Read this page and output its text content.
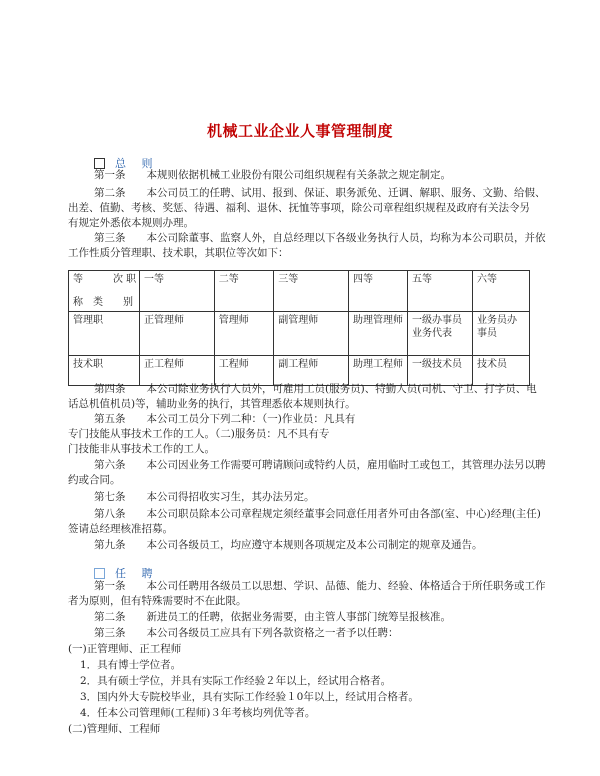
机械工业企业人事管理制度
总 则
第一条　　本规则依据机械工业股份有限公司组织规程有关条款之规定制定。
第二条　　本公司员工的任聘、试用、报到、保证、职务派免、迁调、解职、服务、文勤、给假、
出差、值勤、考核、奖惩、待遇、福利、退休、抚恤等事项，除公司章程组织规程及政府有关法令另
有规定外悉依本规则办理。
第三条　　本公司除董事、监察人外，自总经理以下各级业务执行人员，均称为本公司职员，并依
工作性质分管理职、技术职，其职位等次如下：
等　　　次 职
称　类　　别	一等	二等	三等	四等	五等	六等
管理职	正管理师	管理师	副管理师	助理管理师	一级办事员 业务代表	业务员办事员
技术职	正工程师	工程师	副工程师	助理工程师	一级技术员	技术员
第四条　　本公司除业务执行人员外，可雇用工员(服务员)、特勤人员(司机、守卫、打字员、电
话总机值机员)等，辅助业务的执行，其管理悉依本规则执行。
第五条　　本公司工员分下列二种：（一)作业员：凡具有
专门技能从事技术工作的工人。（二)服务员：凡不具有专
门技能非从事技术工作的工人。
第六条　　本公司因业务工作需要可聘请顾问或特约人员，雇用临时工或包工，其管理办法另以聘
约或合同。
第七条　　本公司得招收实习生，其办法另定。
第八条　　本公司职员除本公司章程规定须经董事会同意任用者外可由各部(室、中心)经理(主任)
签请总经理核准招募。
第九条　　本公司各级员工，均应遵守本规则各项规定及本公司制定的规章及通告。
任 聘
第一条　　本公司任聘用各级员工以思想、学识、品德、能力、经验、体格适合于所任职务或工作
者为原则，但有特殊需要时不在此限。
第二条　　新进员工的任聘，依据业务需要，由主管人事部门统筹呈报核准。
第三条　　本公司各级员工应具有下列各款资格之一者予以任聘：
(一)正管理师、正工程师
1．具有博士学位者。
2．具有硕士学位，并具有实际工作经验２年以上，经试用合格者。
3．国内外大专院校毕业，具有实际工作经验１0年以上，经试用合格者。
4．任本公司管理师(工程师)３年考核均列优等者。
(二)管理师、工程师
